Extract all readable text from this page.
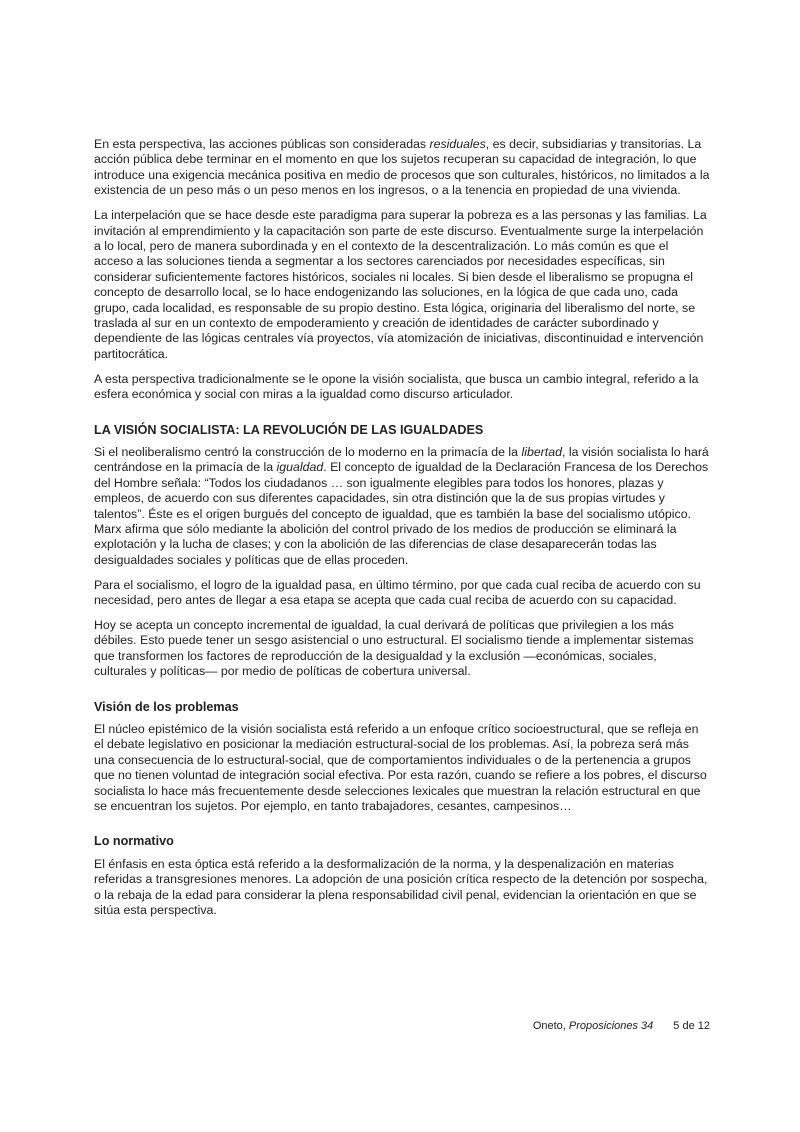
En esta perspectiva, las acciones públicas son consideradas residuales, es decir, subsidiarias y transitorias. La acción pública debe terminar en el momento en que los sujetos recuperan su capacidad de integración, lo que introduce una exigencia mecánica positiva en medio de procesos que son culturales, históricos, no limitados a la existencia de un peso más o un peso menos en los ingresos, o a la tenencia en propiedad de una vivienda.

La interpelación que se hace desde este paradigma para superar la pobreza es a las personas y las familias. La invitación al emprendimiento y la capacitación son parte de este discurso. Eventualmente surge la interpelación a lo local, pero de manera subordinada y en el contexto de la descentralización. Lo más común es que el acceso a las soluciones tienda a segmentar a los sectores carenciados por necesidades específicas, sin considerar suficientemente factores históricos, sociales ni locales. Si bien desde el liberalismo se propugna el concepto de desarrollo local, se lo hace endogenizando las soluciones, en la lógica de que cada uno, cada grupo, cada localidad, es responsable de su propio destino. Esta lógica, originaria del liberalismo del norte, se traslada al sur en un contexto de empoderamiento y creación de identidades de carácter subordinado y dependiente de las lógicas centrales vía proyectos, vía atomización de iniciativas, discontinuidad e intervención partitocrática.

A esta perspectiva tradicionalmente se le opone la visión socialista, que busca un cambio integral, referido a la esfera económica y social con miras a la igualdad como discurso articulador.

LA VISIÓN SOCIALISTA: LA REVOLUCIÓN DE LAS IGUALDADES

Si el neoliberalismo centró la construcción de lo moderno en la primacía de la libertad, la visión socialista lo hará centrándose en la primacía de la igualdad. El concepto de igualdad de la Declaración Francesa de los Derechos del Hombre señala: “Todos los ciudadanos … son igualmente elegibles para todos los honores, plazas y empleos, de acuerdo con sus diferentes capacidades, sin otra distinción que la de sus propias virtudes y talentos”. Éste es el origen burgués del concepto de igualdad, que es también la base del socialismo utópico. Marx afirma que sólo mediante la abolición del control privado de los medios de producción se eliminará la explotación y la lucha de clases; y con la abolición de las diferencias de clase desaparecerán todas las desigualdades sociales y políticas que de ellas proceden.

Para el socialismo, el logro de la igualdad pasa, en último término, por que cada cual reciba de acuerdo con su necesidad, pero antes de llegar a esa etapa se acepta que cada cual reciba de acuerdo con su capacidad.

Hoy se acepta un concepto incremental de igualdad, la cual derivará de políticas que privilegien a los más débiles. Esto puede tener un sesgo asistencial o uno estructural. El socialismo tiende a implementar sistemas que transformen los factores de reproducción de la desigualdad y la exclusión —económicas, sociales, culturales y políticas— por medio de políticas de cobertura universal.

Visión de los problemas

El núcleo epistémico de la visión socialista está referido a un enfoque crítico socioestructural, que se refleja en el debate legislativo en posicionar la mediación estructural-social de los problemas. Así, la pobreza será más una consecuencia de lo estructural-social, que de comportamientos individuales o de la pertenencia a grupos que no tienen voluntad de integración social efectiva. Por esta razón, cuando se refiere a los pobres, el discurso socialista lo hace más frecuentemente desde selecciones lexicales que muestran la relación estructural en que se encuentran los sujetos. Por ejemplo, en tanto trabajadores, cesantes, campesinos…

Lo normativo

El énfasis en esta óptica está referido a la desformalización de la norma, y la despenalización en materias referidas a transgresiones menores. La adopción de una posición crítica respecto de la detención por sospecha, o la rebaja de la edad para considerar la plena responsabilidad civil penal, evidencian la orientación en que se sitúa esta perspectiva.

Oneto, Proposiciones 34 5 de 12
